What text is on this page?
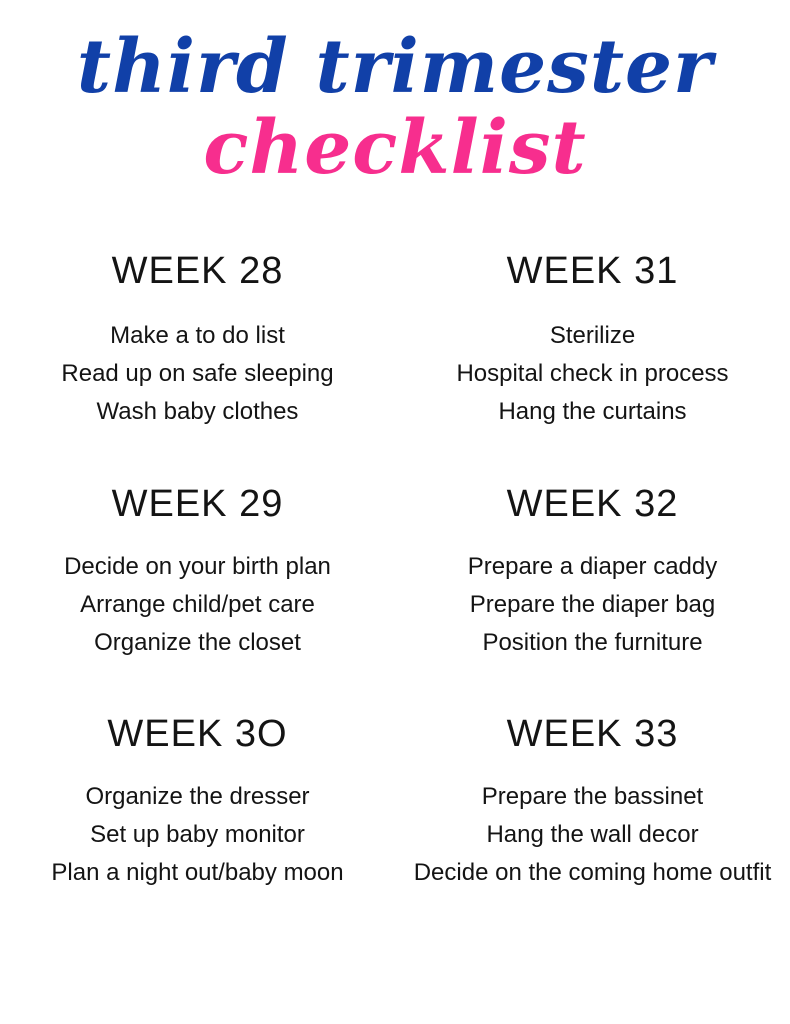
third trimester
checklist
WEEK 28

Make a to do list

Read up on safe sleeping

Wash baby clothes

WEEK 29

Decide on your birth plan

Arrange child/pet care

Organize the closet

WEEK 3O

Organize the dresser

Set up baby monitor

Plan a night out/baby moon

WEEK 31

Sterilize

Hospital check in process

Hang the curtains

WEEK 32

Prepare a diaper caddy

Prepare the diaper bag

Position the furniture

WEEK 33

Prepare the bassinet

Hang the wall decor

Decide on the coming home outfit
